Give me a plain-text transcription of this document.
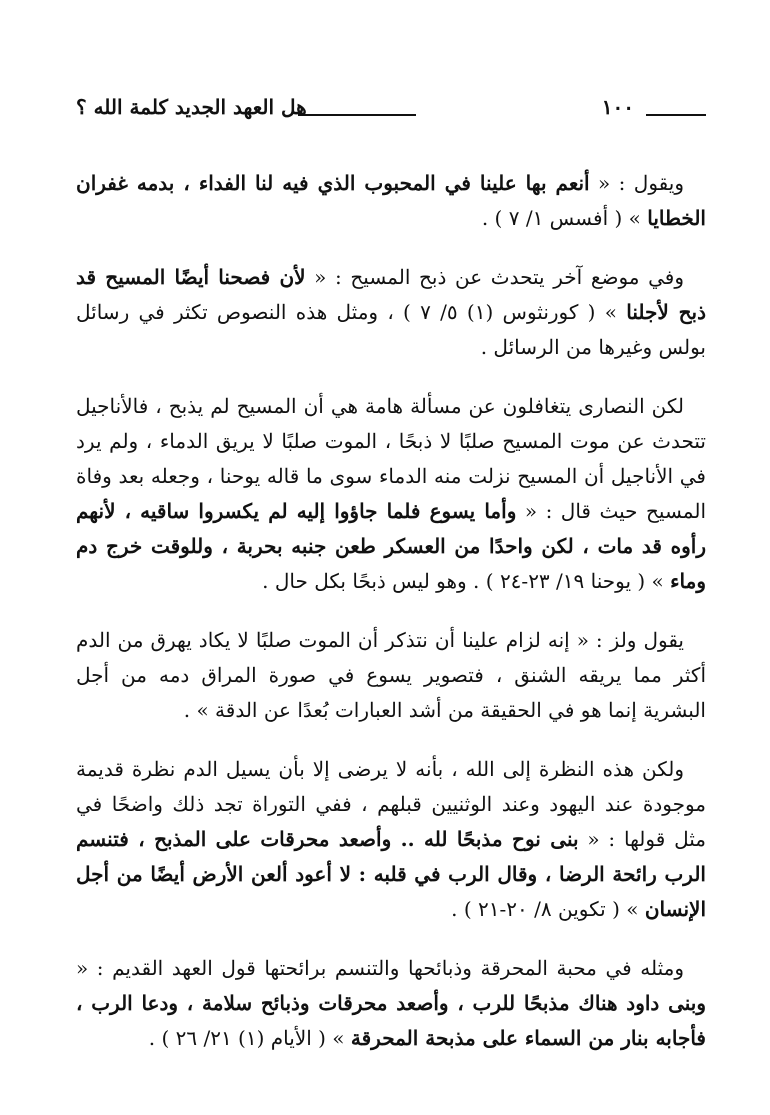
١٠٠
هل العهد الجديد كلمة الله ؟

ويقول : « أنعم بها علينا في المحبوب الذي فيه لنا الفداء ، بدمه غفران الخطايا » ( أفسس ١/ ٧ ) .

وفي موضع آخر يتحدث عن ذبح المسيح : « لأن فصحنا أيضًا المسيح قد ذبح لأجلنا » ( كورنثوس (١) ٥/ ٧ ) ، ومثل هذه النصوص تكثر في رسائل بولس وغيرها من الرسائل .

لكن النصارى يتغافلون عن مسألة هامة هي أن المسيح لم يذبح ، فالأناجيل تتحدث عن موت المسيح صلبًا لا ذبحًا ، الموت صلبًا لا يريق الدماء ، ولم يرد في الأناجيل أن المسيح نزلت منه الدماء سوى ما قاله يوحنا ، وجعله بعد وفاة المسيح حيث قال : « وأما يسوع فلما جاؤوا إليه لم يكسروا ساقيه ، لأنهم رأوه قد مات ، لكن واحدًا من العسكر طعن جنبه بحربة ، وللوقت خرج دم وماء » ( يوحنا ١٩/ ٢٣-٢٤ ) . وهو ليس ذبحًا بكل حال .

يقول ولز : « إنه لزام علينا أن نتذكر أن الموت صلبًا لا يكاد يهرق من الدم أكثر مما يريقه الشنق ، فتصوير يسوع في صورة المراق دمه من أجل البشرية إنما هو في الحقيقة من أشد العبارات بُعدًا عن الدقة » .

ولكن هذه النظرة إلى الله ، بأنه لا يرضى إلا بأن يسيل الدم نظرة قديمة موجودة عند اليهود وعند الوثنيين قبلهم ، ففي التوراة تجد ذلك واضحًا في مثل قولها : « بنى نوح مذبحًا لله .. وأصعد محرقات على المذبح ، فتنسم الرب رائحة الرضا ، وقال الرب في قلبه : لا أعود ألعن الأرض أيضًا من أجل الإنسان » ( تكوين ٨/ ٢٠-٢١ ) .

ومثله في محبة المحرقة وذبائحها والتنسم برائحتها قول العهد القديم : « وبنى داود هناك مذبحًا للرب ، وأصعد محرقات وذبائح سلامة ، ودعا الرب ، فأجابه بنار من السماء على مذبحة المحرقة » ( الأيام (١) ٢١/ ٢٦ ) .
